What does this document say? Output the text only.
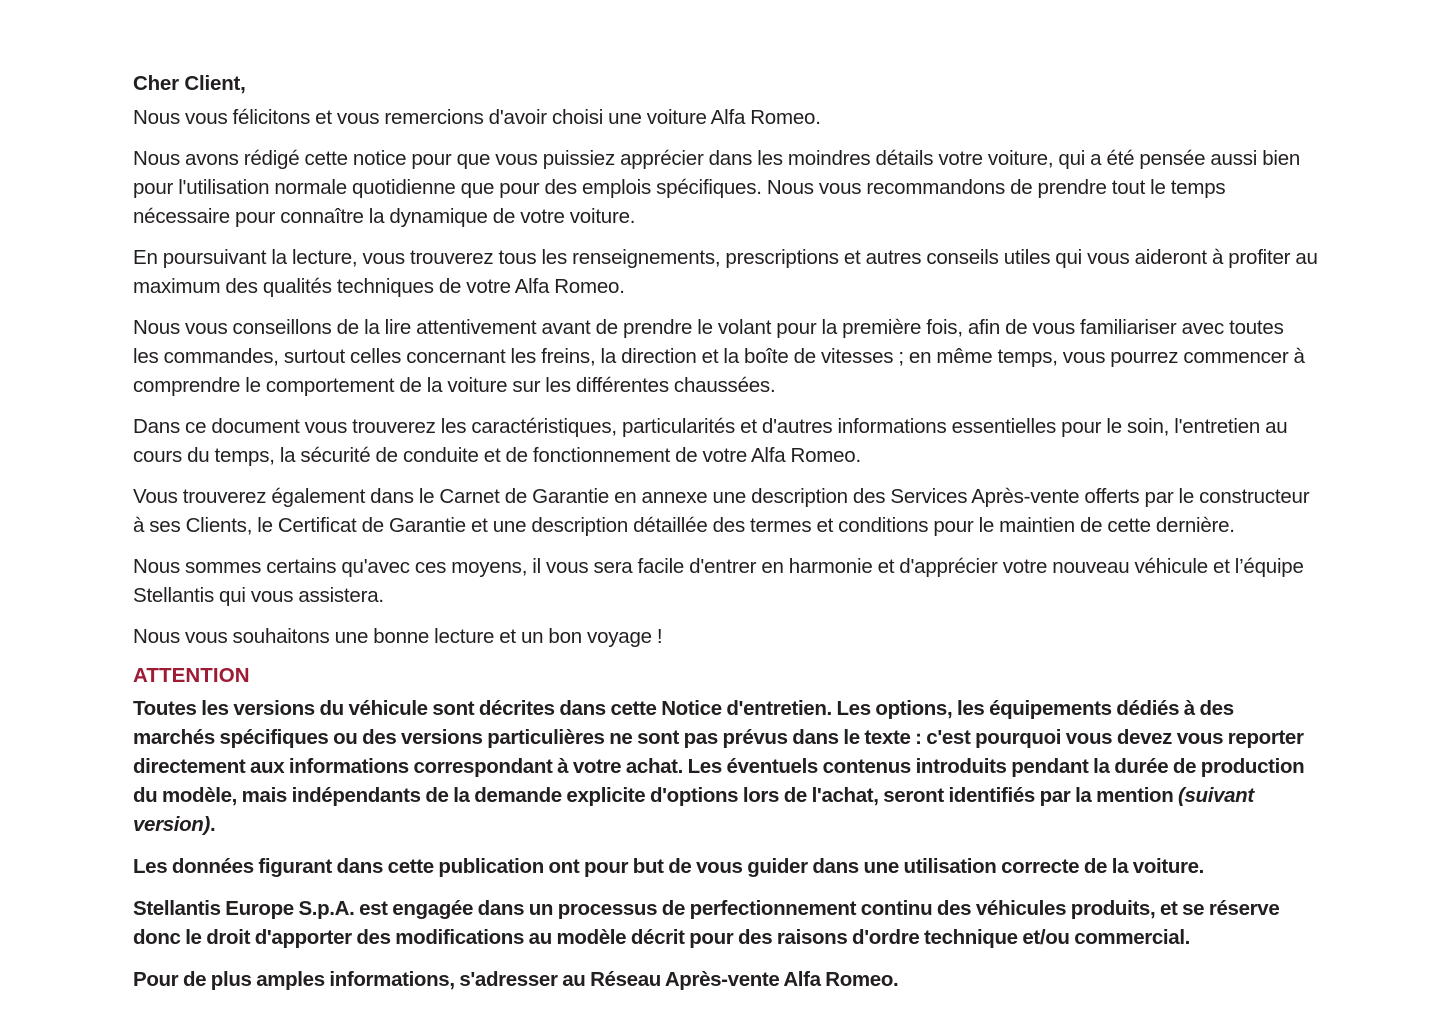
Cher Client,

Nous vous félicitons et vous remercions d'avoir choisi une voiture Alfa Romeo.

Nous avons rédigé cette notice pour que vous puissiez apprécier dans les moindres détails votre voiture, qui a été pensée aussi bien pour l'utilisation normale quotidienne que pour des emplois spécifiques. Nous vous recommandons de prendre tout le temps nécessaire pour connaître la dynamique de votre voiture.

En poursuivant la lecture, vous trouverez tous les renseignements, prescriptions et autres conseils utiles qui vous aideront à profiter au maximum des qualités techniques de votre Alfa Romeo.

Nous vous conseillons de la lire attentivement avant de prendre le volant pour la première fois, afin de vous familiariser avec toutes les commandes, surtout celles concernant les freins, la direction et la boîte de vitesses ; en même temps, vous pourrez commencer à comprendre le comportement de la voiture sur les différentes chaussées.

Dans ce document vous trouverez les caractéristiques, particularités et d'autres informations essentielles pour le soin, l'entretien au cours du temps, la sécurité de conduite et de fonctionnement de votre Alfa Romeo.

Vous trouverez également dans le Carnet de Garantie en annexe une description des Services Après-vente offerts par le constructeur à ses Clients, le Certificat de Garantie et une description détaillée des termes et conditions pour le maintien de cette dernière.

Nous sommes certains qu'avec ces moyens, il vous sera facile d'entrer en harmonie et d'apprécier votre nouveau véhicule et l’équipe Stellantis qui vous assistera.

Nous vous souhaitons une bonne lecture et un bon voyage !

ATTENTION

Toutes les versions du véhicule sont décrites dans cette Notice d'entretien. Les options, les équipements dédiés à des marchés spécifiques ou des versions particulières ne sont pas prévus dans le texte : c'est pourquoi vous devez vous reporter directement aux informations correspondant à votre achat. Les éventuels contenus introduits pendant la durée de production du modèle, mais indépendants de la demande explicite d'options lors de l'achat, seront identifiés par la mention (suivant version).

Les données figurant dans cette publication ont pour but de vous guider dans une utilisation correcte de la voiture.

Stellantis Europe S.p.A. est engagée dans un processus de perfectionnement continu des véhicules produits, et se réserve donc le droit d'apporter des modifications au modèle décrit pour des raisons d'ordre technique et/ou commercial.

Pour de plus amples informations, s'adresser au Réseau Après-vente Alfa Romeo.
